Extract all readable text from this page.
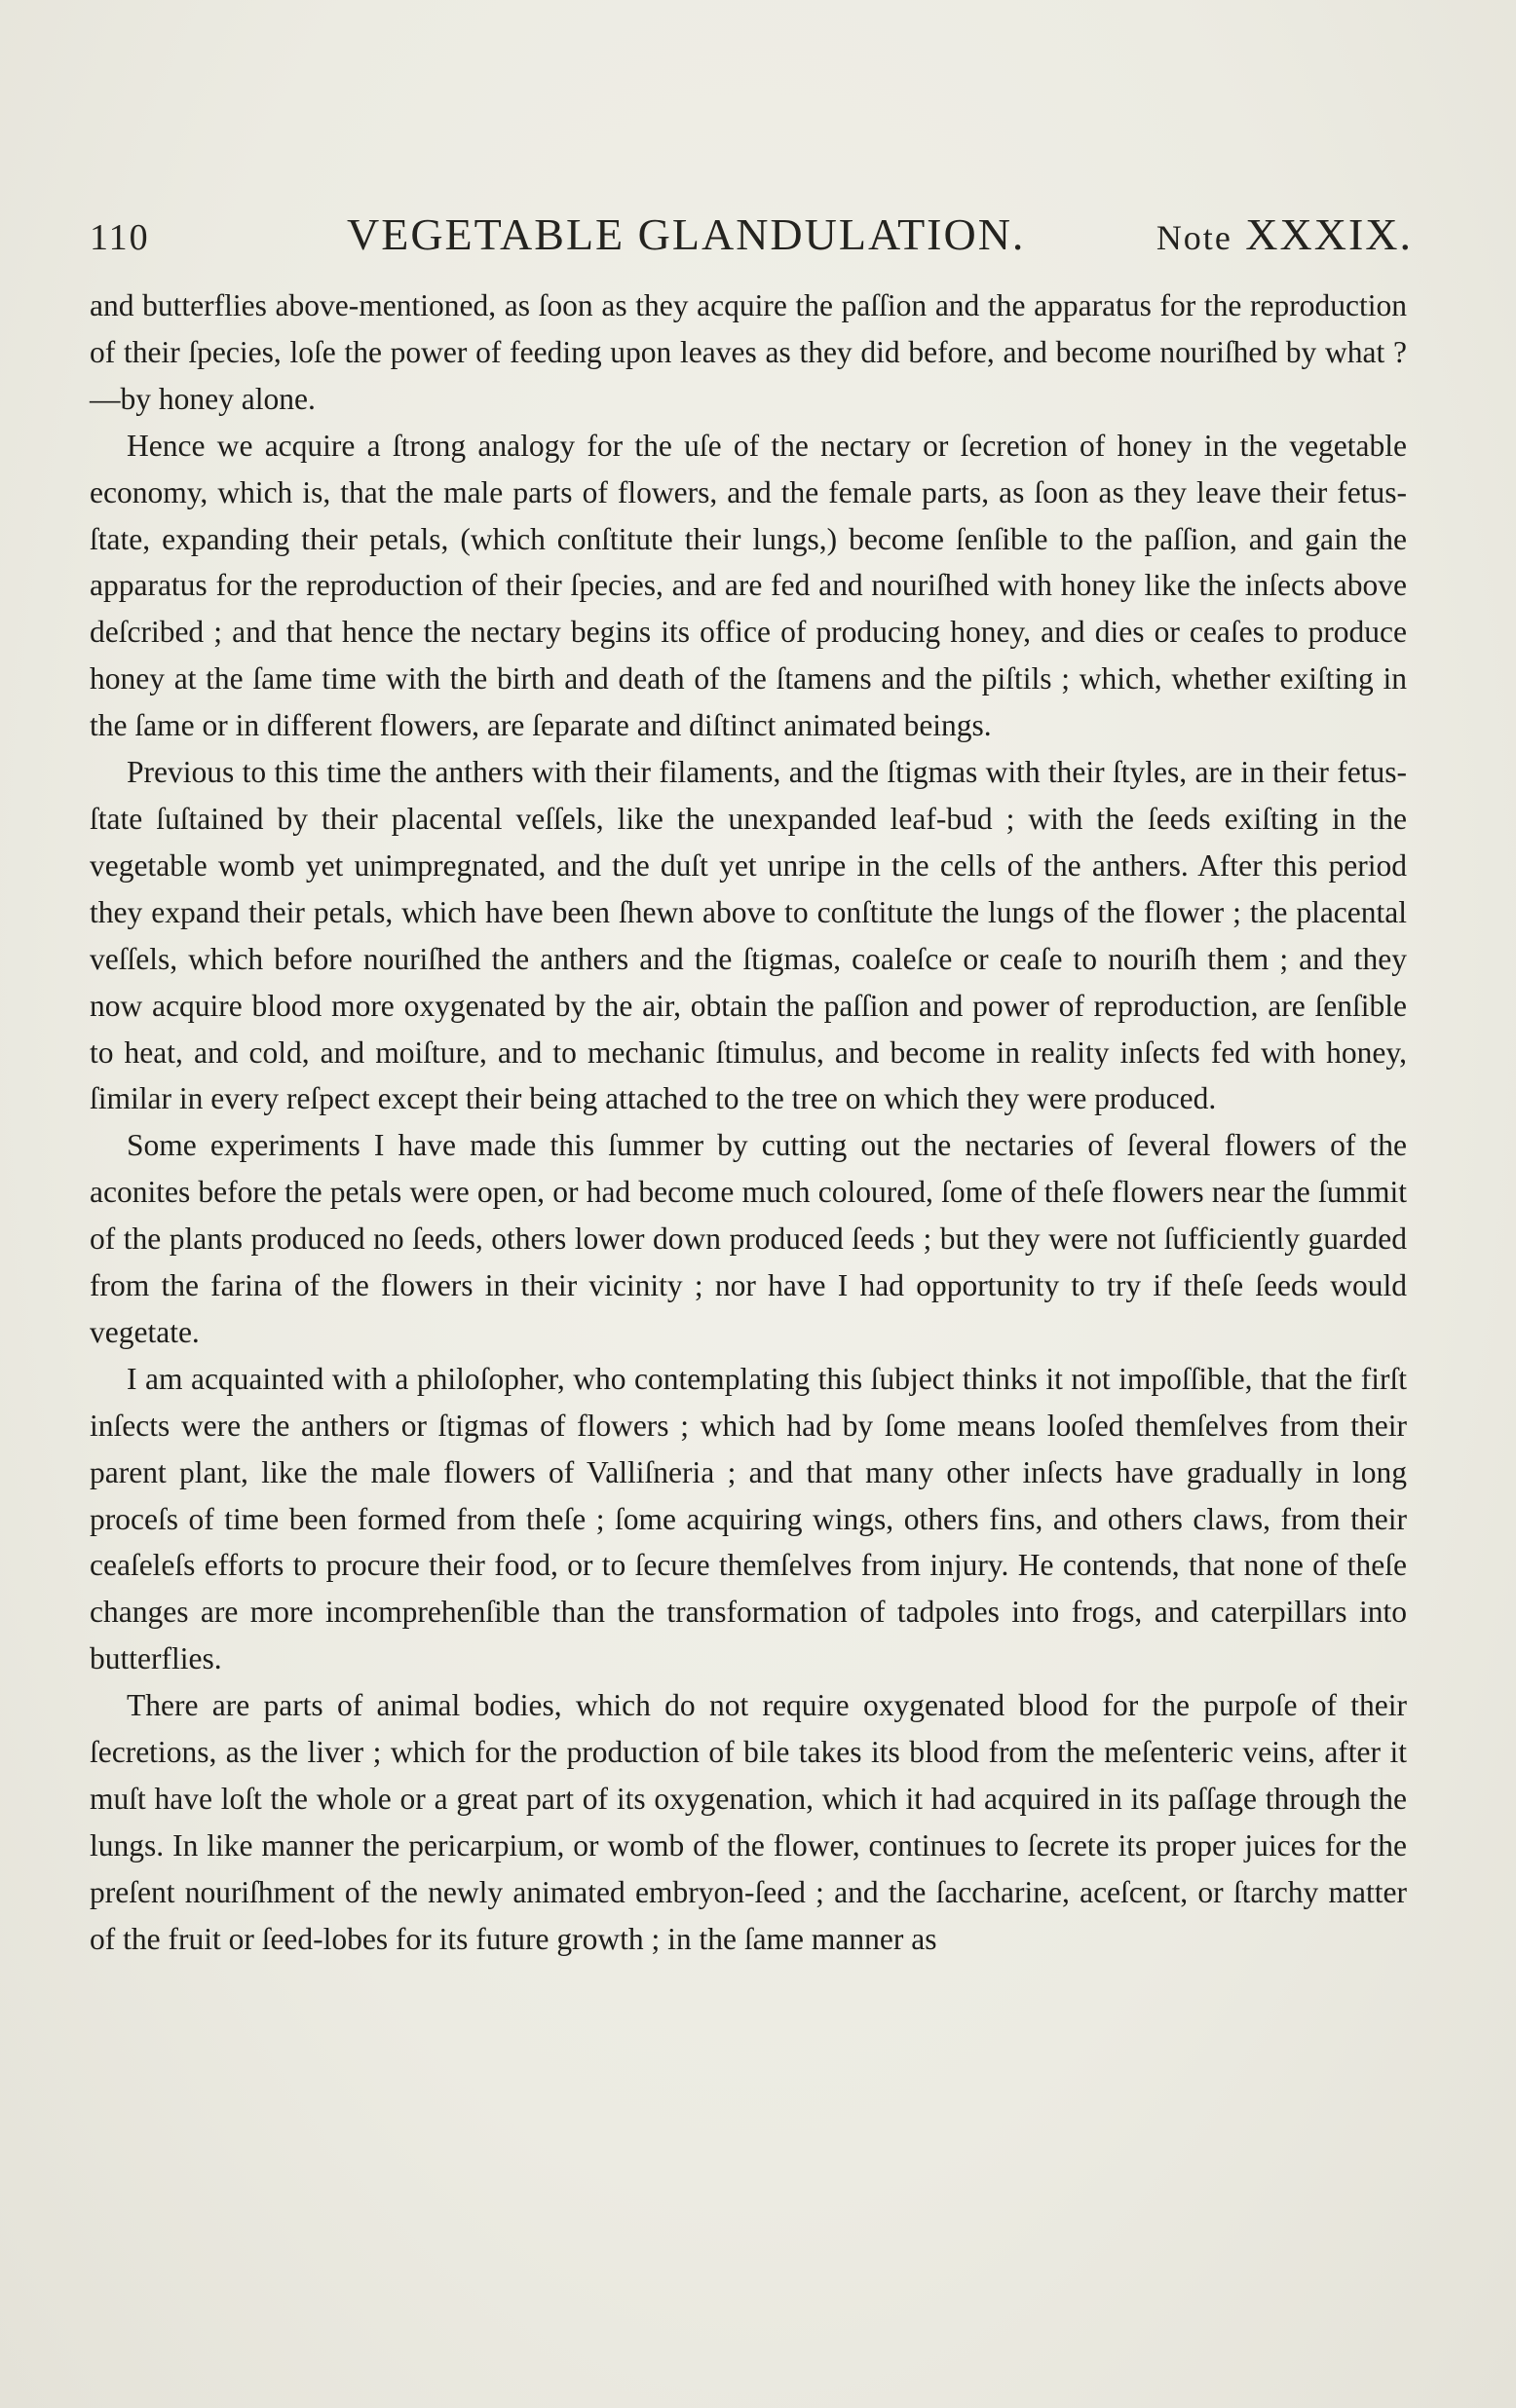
110	VEGETABLE GLANDULATION.	Note XXXIX.

and butterflies above-mentioned, as ſoon as they acquire the paſſion and the apparatus for the reproduction of their ſpecies, loſe the power of feeding upon leaves as they did before, and become nouriſhed by what ?—by honey alone.

Hence we acquire a ſtrong analogy for the uſe of the nectary or ſecretion of honey in the vegetable economy, which is, that the male parts of flowers, and the female parts, as ſoon as they leave their fetus-ſtate, expanding their petals, (which conſtitute their lungs,) become ſenſible to the paſſion, and gain the apparatus for the reproduction of their ſpecies, and are fed and nouriſhed with honey like the inſects above deſcribed ; and that hence the nectary begins its office of producing honey, and dies or ceaſes to produce honey at the ſame time with the birth and death of the ſtamens and the piſtils ; which, whether exiſting in the ſame or in different flowers, are ſeparate and diſtinct animated beings.

Previous to this time the anthers with their filaments, and the ſtigmas with their ſtyles, are in their fetus-ſtate ſuſtained by their placental veſſels, like the unexpanded leaf-bud ; with the ſeeds exiſting in the vegetable womb yet unimpregnated, and the duſt yet unripe in the cells of the anthers. After this period they expand their petals, which have been ſhewn above to conſtitute the lungs of the flower ; the placental veſſels, which before nouriſhed the anthers and the ſtigmas, coaleſce or ceaſe to nouriſh them ; and they now acquire blood more oxygenated by the air, obtain the paſſion and power of reproduction, are ſenſible to heat, and cold, and moiſture, and to mechanic ſtimulus, and become in reality inſects fed with honey, ſimilar in every reſpect except their being attached to the tree on which they were produced.

Some experiments I have made this ſummer by cutting out the nectaries of ſeveral flowers of the aconites before the petals were open, or had become much coloured, ſome of theſe flowers near the ſummit of the plants produced no ſeeds, others lower down produced ſeeds ; but they were not ſufficiently guarded from the farina of the flowers in their vicinity ; nor have I had opportunity to try if theſe ſeeds would vegetate.

I am acquainted with a philoſopher, who contemplating this ſubject thinks it not impoſſible, that the firſt inſects were the anthers or ſtigmas of flowers ; which had by ſome means looſed themſelves from their parent plant, like the male flowers of Valliſneria ; and that many other inſects have gradually in long proceſs of time been formed from theſe ; ſome acquiring wings, others fins, and others claws, from their ceaſeleſs efforts to procure their food, or to ſecure themſelves from injury. He contends, that none of theſe changes are more incomprehenſible than the transformation of tadpoles into frogs, and caterpillars into butterflies.

There are parts of animal bodies, which do not require oxygenated blood for the purpoſe of their ſecretions, as the liver ; which for the production of bile takes its blood from the meſenteric veins, after it muſt have loſt the whole or a great part of its oxygenation, which it had acquired in its paſſage through the lungs. In like manner the pericarpium, or womb of the flower, continues to ſecrete its proper juices for the preſent nouriſhment of the newly animated embryon-ſeed ; and the ſaccharine, aceſcent, or ſtarchy matter of the fruit or ſeed-lobes for its future growth ; in the ſame manner as
